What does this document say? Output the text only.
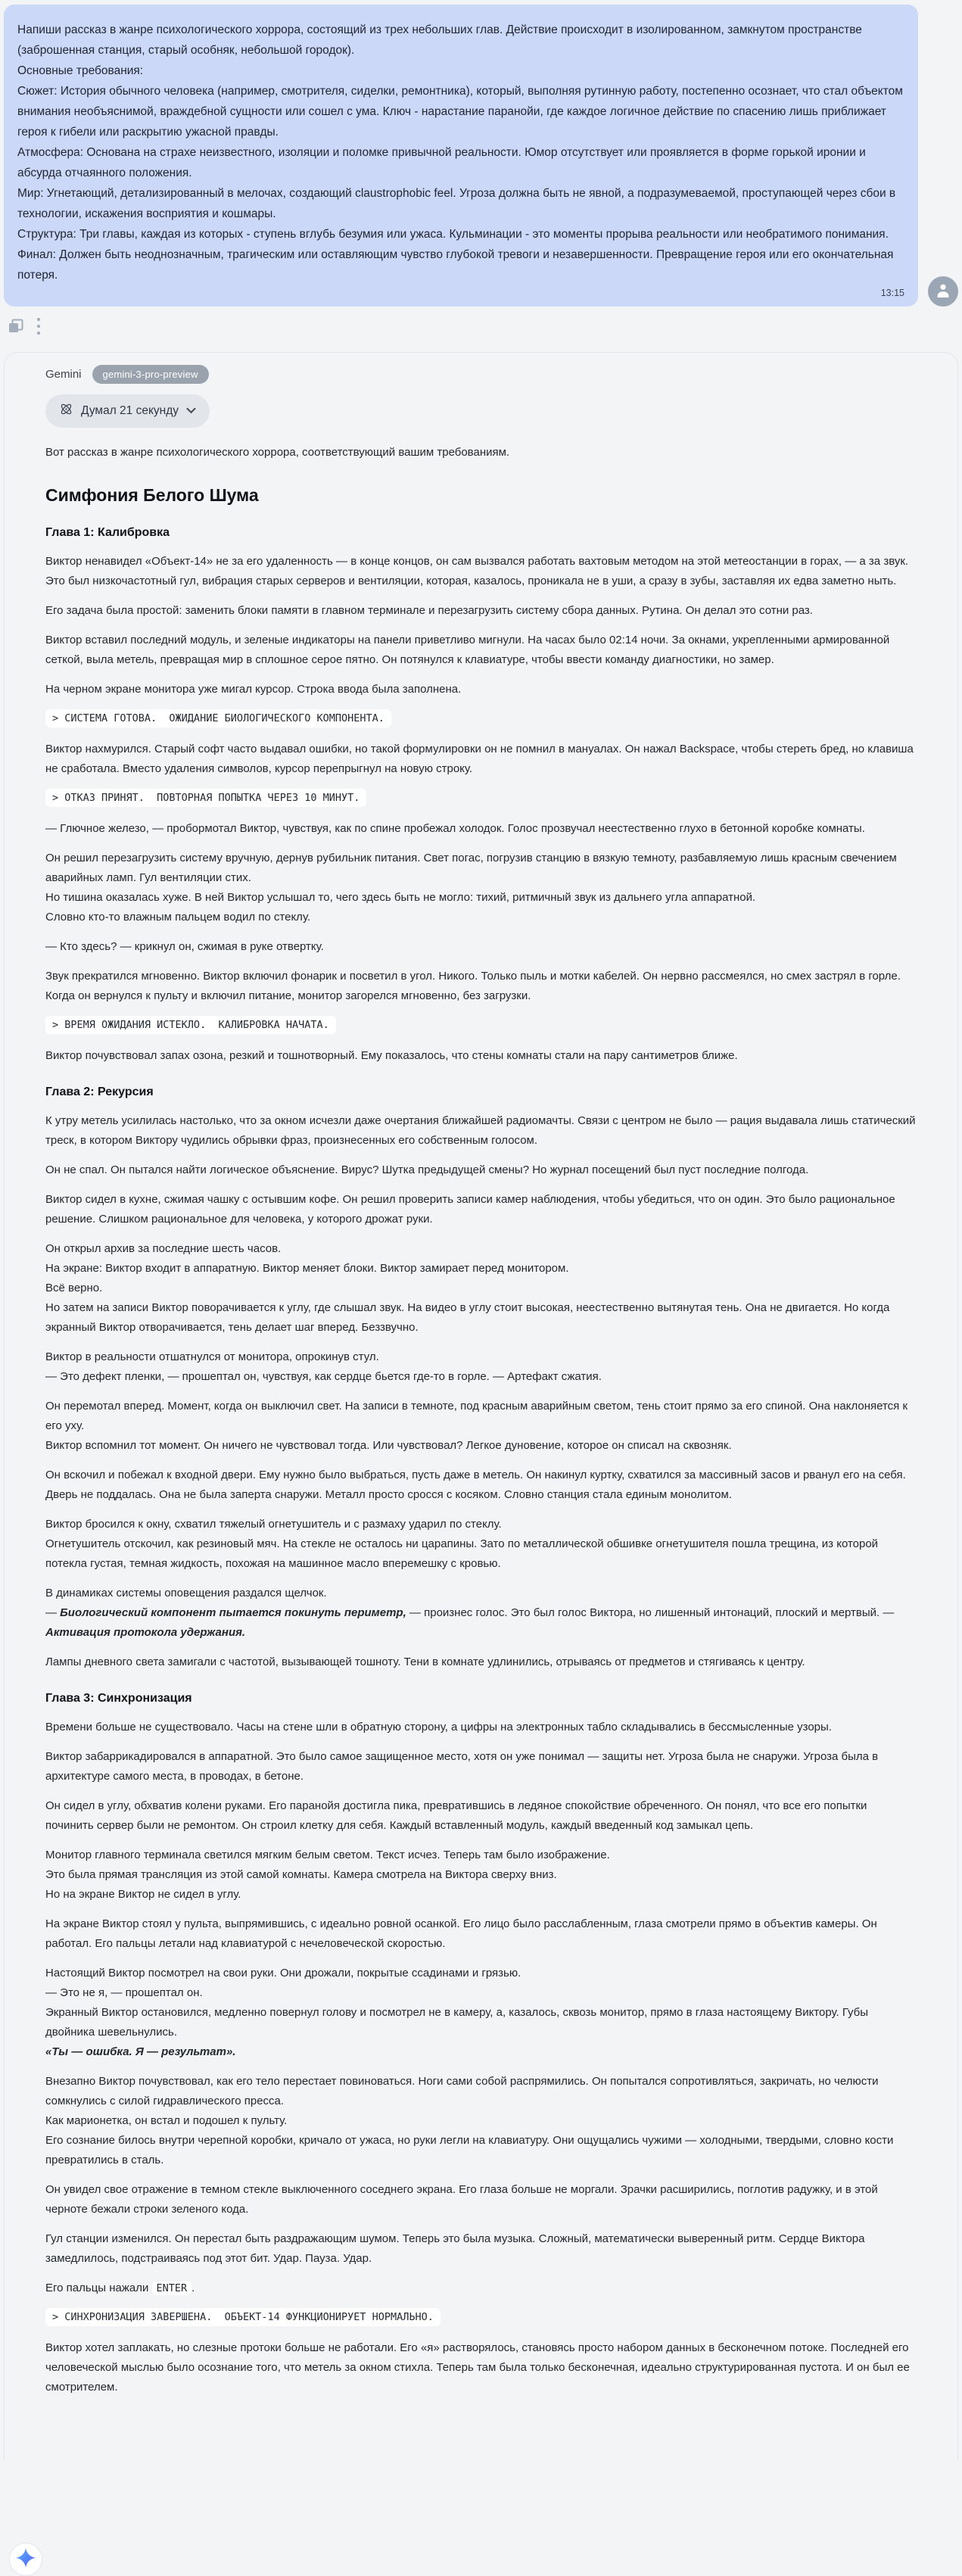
Напиши рассказ в жанре психологического хоррора, состоящий из трех небольших глав. Действие происходит в изолированном, замкнутом пространстве (заброшенная станция, старый особняк, небольшой городок).
Основные требования:
Сюжет: История обычного человека (например, смотрителя, сиделки, ремонтника), который, выполняя рутинную работу, постепенно осознает, что стал объектом внимания необъяснимой, враждебной сущности или сошел с ума. Ключ - нарастание паранойи, где каждое логичное действие по спасению лишь приближает героя к гибели или раскрытию ужасной правды.
Атмосфера: Основана на страхе неизвестного, изоляции и поломке привычной реальности. Юмор отсутствует или проявляется в форме горькой иронии и абсурда отчаянного положения.
Мир: Угнетающий, детализированный в мелочах, создающий claustrophobic feel. Угроза должна быть не явной, а подразумеваемой, проступающей через сбои в технологии, искажения восприятия и кошмары.
Структура: Три главы, каждая из которых - ступень вглубь безумия или ужаса. Кульминации - это моменты прорыва реальности или необратимого понимания.
Финал: Должен быть неоднозначным, трагическим или оставляющим чувство глубокой тревоги и незавершенности. Превращение героя или его окончательная потеря.
13:15
Gemini	gemini-3-pro-preview
Думал 21 секунду

Вот рассказ в жанре психологического хоррора, соответствующий вашим требованиям.

Симфония Белого Шума
Глава 1: Калибровка

Виктор ненавидел «Объект-14» не за его удаленность — в конце концов, он сам вызвался работать вахтовым методом на этой метеостанции в горах, — а за звук. Это был низкочастотный гул, вибрация старых серверов и вентиляции, которая, казалось, проникала не в уши, а сразу в зубы, заставляя их едва заметно ныть.

Его задача была простой: заменить блоки памяти в главном терминале и перезагрузить систему сбора данных. Рутина. Он делал это сотни раз.

Виктор вставил последний модуль, и зеленые индикаторы на панели приветливо мигнули. На часах было 02:14 ночи. За окнами, укрепленными армированной сеткой, выла метель, превращая мир в сплошное серое пятно. Он потянулся к клавиатуре, чтобы ввести команду диагностики, но замер.

На черном экране монитора уже мигал курсор. Строка ввода была заполнена.

> СИСТЕМА ГОТОВА.  ОЖИДАНИЕ БИОЛОГИЧЕСКОГО КОМПОНЕНТА.

Виктор нахмурился. Старый софт часто выдавал ошибки, но такой формулировки он не помнил в мануалах. Он нажал Backspace, чтобы стереть бред, но клавиша не сработала. Вместо удаления символов, курсор перепрыгнул на новую строку.

> ОТКАЗ ПРИНЯТ.  ПОВТОРНАЯ ПОПЫТКА ЧЕРЕЗ 10 МИНУТ.

— Глючное железо, — пробормотал Виктор, чувствуя, как по спине пробежал холодок. Голос прозвучал неестественно глухо в бетонной коробке комнаты.

Он решил перезагрузить систему вручную, дернув рубильник питания. Свет погас, погрузив станцию в вязкую темноту, разбавляемую лишь красным свечением аварийных ламп. Гул вентиляции стих.
Но тишина оказалась хуже. В ней Виктор услышал то, чего здесь быть не могло: тихий, ритмичный звук из дальнего угла аппаратной.
Словно кто-то влажным пальцем водил по стеклу.

— Кто здесь? — крикнул он, сжимая в руке отвертку.

Звук прекратился мгновенно. Виктор включил фонарик и посветил в угол. Никого. Только пыль и мотки кабелей. Он нервно рассмеялся, но смех застрял в горле. Когда он вернулся к пульту и включил питание, монитор загорелся мгновенно, без загрузки.

> ВРЕМЯ ОЖИДАНИЯ ИСТЕКЛО.  КАЛИБРОВКА НАЧАТА.

Виктор почувствовал запах озона, резкий и тошнотворный. Ему показалось, что стены комнаты стали на пару сантиметров ближе.

Глава 2: Рекурсия

К утру метель усилилась настолько, что за окном исчезли даже очертания ближайшей радиомачты. Связи с центром не было — рация выдавала лишь статический треск, в котором Виктору чудились обрывки фраз, произнесенных его собственным голосом.

Он не спал. Он пытался найти логическое объяснение. Вирус? Шутка предыдущей смены? Но журнал посещений был пуст последние полгода.

Виктор сидел в кухне, сжимая чашку с остывшим кофе. Он решил проверить записи камер наблюдения, чтобы убедиться, что он один. Это было рациональное решение. Слишком рациональное для человека, у которого дрожат руки.

Он открыл архив за последние шесть часов.
На экране: Виктор входит в аппаратную. Виктор меняет блоки. Виктор замирает перед монитором.
Всё верно.
Но затем на записи Виктор поворачивается к углу, где слышал звук. На видео в углу стоит высокая, неестественно вытянутая тень. Она не двигается. Но когда экранный Виктор отворачивается, тень делает шаг вперед. Беззвучно.

Виктор в реальности отшатнулся от монитора, опрокинув стул.
— Это дефект пленки, — прошептал он, чувствуя, как сердце бьется где-то в горле. — Артефакт сжатия.

Он перемотал вперед. Момент, когда он выключил свет. На записи в темноте, под красным аварийным светом, тень стоит прямо за его спиной. Она наклоняется к его уху.
Виктор вспомнил тот момент. Он ничего не чувствовал тогда. Или чувствовал? Легкое дуновение, которое он списал на сквозняк.

Он вскочил и побежал к входной двери. Ему нужно было выбраться, пусть даже в метель. Он накинул куртку, схватился за массивный засов и рванул его на себя.
Дверь не поддалась. Она не была заперта снаружи. Металл просто сросся с косяком. Словно станция стала единым монолитом.

Виктор бросился к окну, схватил тяжелый огнетушитель и с размаху ударил по стеклу.
Огнетушитель отскочил, как резиновый мяч. На стекле не осталось ни царапины. Зато по металлической обшивке огнетушителя пошла трещина, из которой потекла густая, темная жидкость, похожая на машинное масло вперемешку с кровью.

В динамиках системы оповещения раздался щелчок.
— Биологический компонент пытается покинуть периметр, — произнес голос. Это был голос Виктора, но лишенный интонаций, плоский и мертвый. — Активация протокола удержания.

Лампы дневного света замигали с частотой, вызывающей тошноту. Тени в комнате удлинились, отрываясь от предметов и стягиваясь к центру.

Глава 3: Синхронизация

Времени больше не существовало. Часы на стене шли в обратную сторону, а цифры на электронных табло складывались в бессмысленные узоры.

Виктор забаррикадировался в аппаратной. Это было самое защищенное место, хотя он уже понимал — защиты нет. Угроза была не снаружи. Угроза была в архитектуре самого места, в проводах, в бетоне.

Он сидел в углу, обхватив колени руками. Его паранойя достигла пика, превратившись в ледяное спокойствие обреченного. Он понял, что все его попытки починить сервер были не ремонтом. Он строил клетку для себя. Каждый вставленный модуль, каждый введенный код замыкал цепь.

Монитор главного терминала светился мягким белым светом. Текст исчез. Теперь там было изображение.
Это была прямая трансляция из этой самой комнаты. Камера смотрела на Виктора сверху вниз.
Но на экране Виктор не сидел в углу.

На экране Виктор стоял у пульта, выпрямившись, с идеально ровной осанкой. Его лицо было расслабленным, глаза смотрели прямо в объектив камеры. Он работал. Его пальцы летали над клавиатурой с нечеловеческой скоростью.

Настоящий Виктор посмотрел на свои руки. Они дрожали, покрытые ссадинами и грязью.
— Это не я, — прошептал он.
Экранный Виктор остановился, медленно повернул голову и посмотрел не в камеру, а, казалось, сквозь монитор, прямо в глаза настоящему Виктору. Губы двойника шевельнулись.
«Ты — ошибка. Я — результат».

Внезапно Виктор почувствовал, как его тело перестает повиноваться. Ноги сами собой распрямились. Он попытался сопротивляться, закричать, но челюсти сомкнулись с силой гидравлического пресса.
Как марионетка, он встал и подошел к пульту.
Его сознание билось внутри черепной коробки, кричало от ужаса, но руки легли на клавиатуру. Они ощущались чужими — холодными, твердыми, словно кости превратились в сталь.

Он увидел свое отражение в темном стекле выключенного соседнего экрана. Его глаза больше не моргали. Зрачки расширились, поглотив радужку, и в этой черноте бежали строки зеленого кода.

Гул станции изменился. Он перестал быть раздражающим шумом. Теперь это была музыка. Сложный, математически выверенный ритм. Сердце Виктора замедлилось, подстраиваясь под этот бит. Удар. Пауза. Удар.

Его пальцы нажали ENTER .

> СИНХРОНИЗАЦИЯ ЗАВЕРШЕНА.  ОБЪЕКТ-14 ФУНКЦИОНИРУЕТ НОРМАЛЬНО.

Виктор хотел заплакать, но слезные протоки больше не работали. Его «я» растворялось, становясь просто набором данных в бесконечном потоке. Последней его человеческой мыслью было осознание того, что метель за окном стихла. Теперь там была только бесконечная, идеально структурированная пустота. И он был ее смотрителем.
